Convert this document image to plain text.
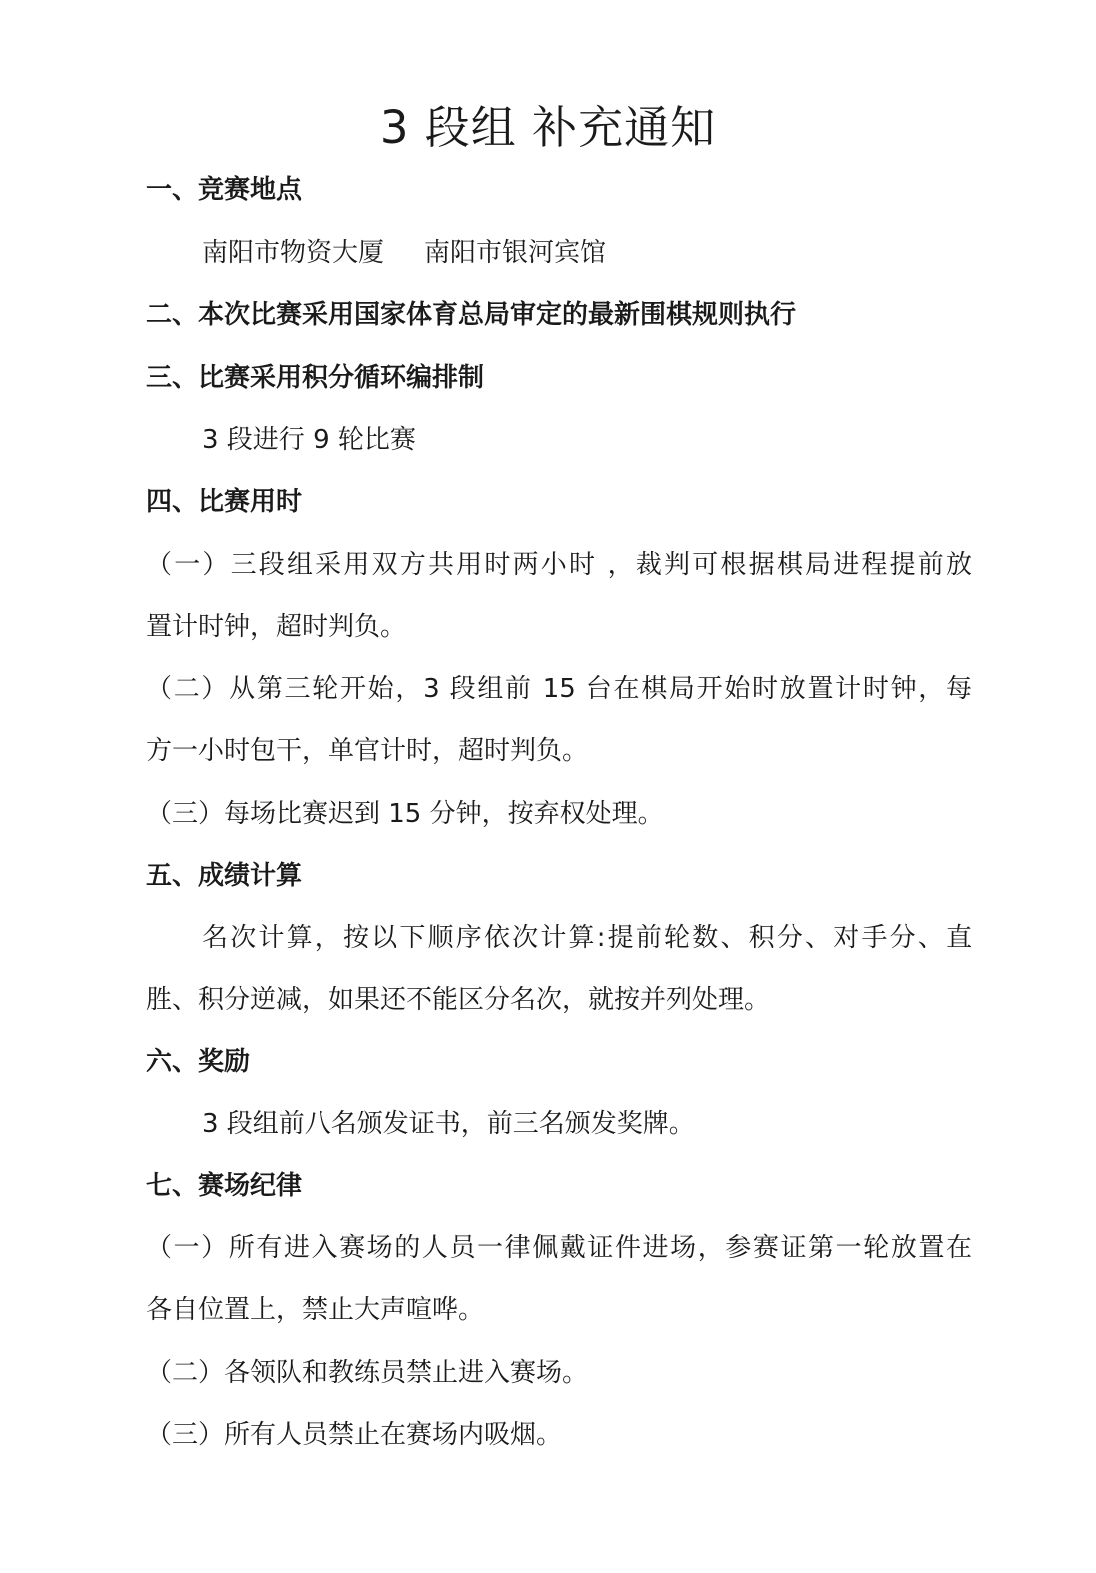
3 段组 补充通知
一、竞赛地点
南阳市物资大厦 南阳市银河宾馆
二、本次比赛采用国家体育总局审定的最新围棋规则执行
三、比赛采用积分循环编排制
3 段进行 9 轮比赛
四、比赛用时
（一）三段组采用双方共用时两小时 ，裁判可根据棋局进程提前放
置计时钟，超时判负。
（二）从第三轮开始，3 段组前 15 台在棋局开始时放置计时钟，每
方一小时包干，单官计时，超时判负。
（三）每场比赛迟到 15 分钟，按弃权处理。
五、成绩计算
名次计算，按以下顺序依次计算:提前轮数、积分、对手分、直
胜、积分逆减，如果还不能区分名次，就按并列处理。
六、奖励
3 段组前八名颁发证书，前三名颁发奖牌。
七、赛场纪律
（一）所有进入赛场的人员一律佩戴证件进场，参赛证第一轮放置在
各自位置上，禁止大声喧哗。
（二）各领队和教练员禁止进入赛场。
（三）所有人员禁止在赛场内吸烟。
